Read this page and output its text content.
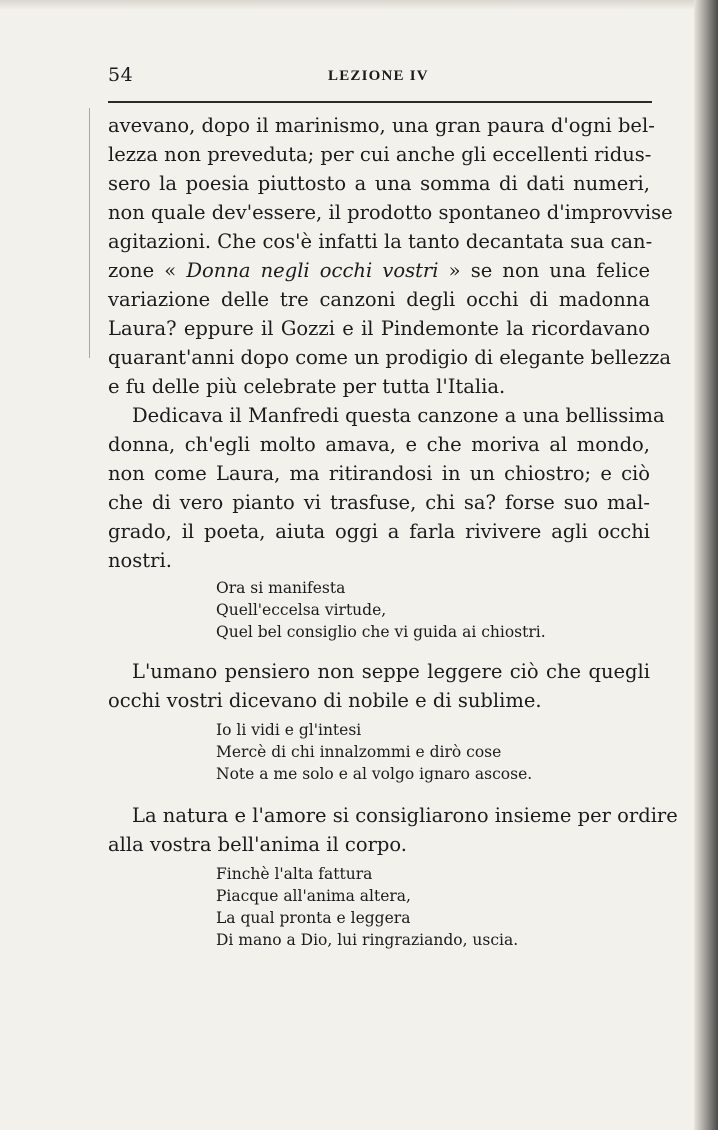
54	LEZIONE IV
avevano, dopo il marinismo, una gran paura d'ogni bel-
lezza non preveduta; per cui anche gli eccellenti ridus-
sero la poesia piuttosto a una somma di dati numeri,
non quale dev'essere, il prodotto spontaneo d'improvvise
agitazioni. Che cos'è infatti la tanto decantata sua can-
zone « Donna negli occhi vostri » se non una felice
variazione delle tre canzoni degli occhi di madonna
Laura? eppure il Gozzi e il Pindemonte la ricordavano
quarant'anni dopo come un prodigio di elegante bellezza
e fu delle più celebrate per tutta l'Italia.
Dedicava il Manfredi questa canzone a una bellissima
donna, ch'egli molto amava, e che moriva al mondo,
non come Laura, ma ritirandosi in un chiostro; e ciò
che di vero pianto vi trasfuse, chi sa? forse suo mal-
grado, il poeta, aiuta oggi a farla rivivere agli occhi
nostri.
Ora si manifesta
Quell'eccelsa virtude,
Quel bel consiglio che vi guida ai chiostri.
L'umano pensiero non seppe leggere ciò che quegli
occhi vostri dicevano di nobile e di sublime.
Io li vidi e gl'intesi
Mercè di chi innalzommi e dirò cose
Note a me solo e al volgo ignaro ascose.
La natura e l'amore si consigliarono insieme per ordire
alla vostra bell'anima il corpo.
Finchè l'alta fattura
Piacque all'anima altera,
La qual pronta e leggera
Di mano a Dio, lui ringraziando, uscia.
